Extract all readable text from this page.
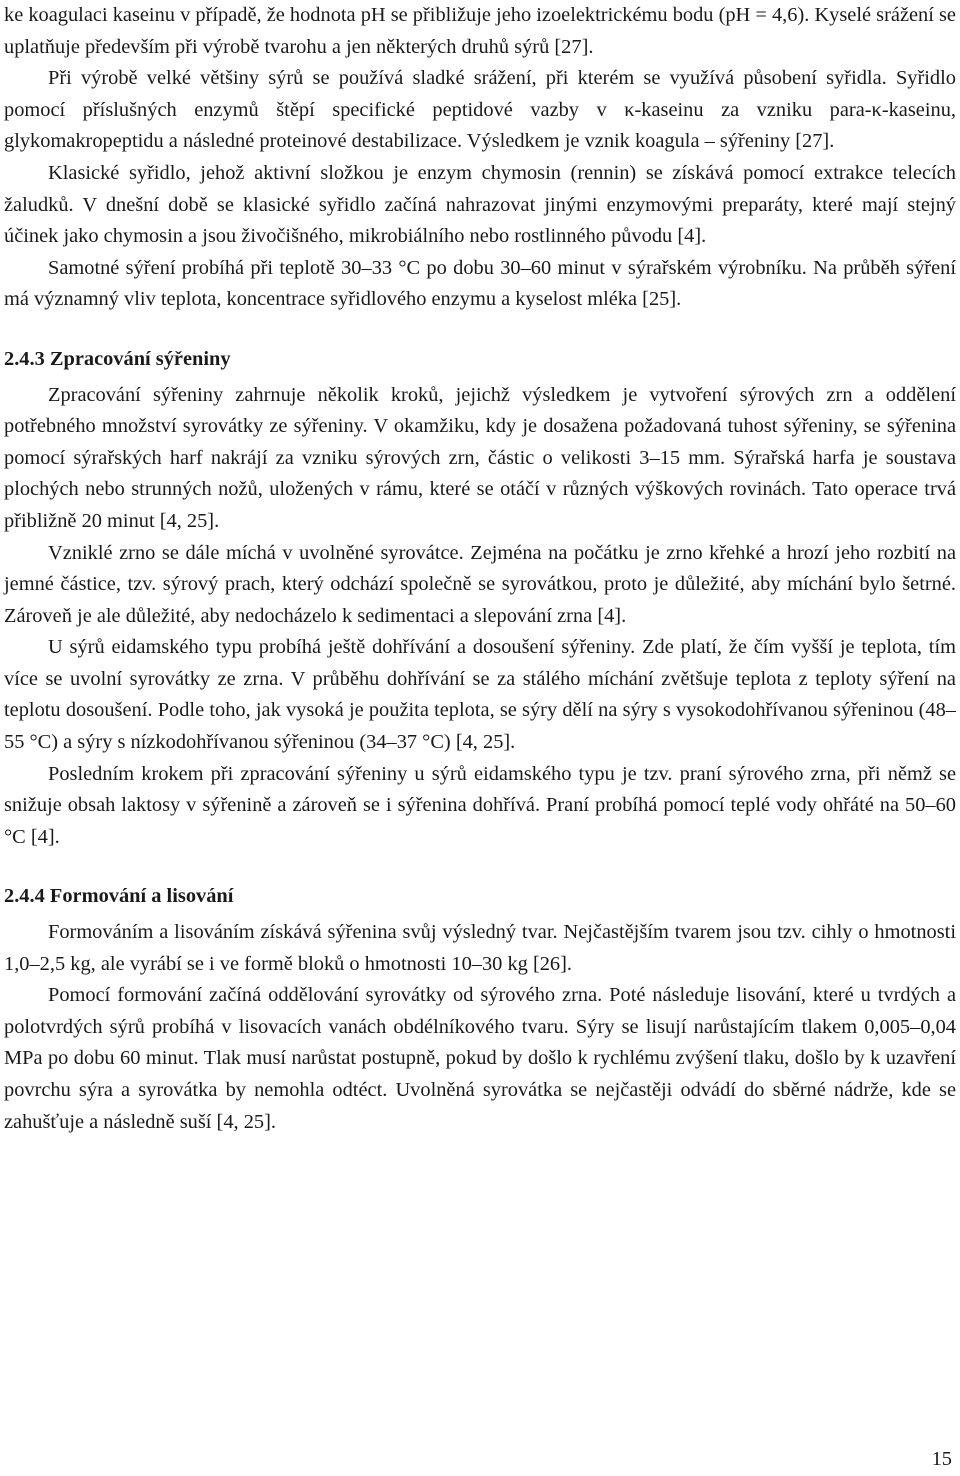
ke koagulaci kaseinu v případě, že hodnota pH se přibližuje jeho izoelektrickému bodu (pH = 4,6). Kyselé srážení se uplatňuje především při výrobě tvarohu a jen některých druhů sýrů [27].

Při výrobě velké většiny sýrů se používá sladké srážení, při kterém se využívá působení syřidla. Syřidlo pomocí příslušných enzymů štěpí specifické peptidové vazby v κ-kaseinu za vzniku para-κ-kaseinu, glykomakropeptidu a následné proteinové destabilizace. Výsledkem je vznik koagula – sýřeniny [27].

Klasické syřidlo, jehož aktivní složkou je enzym chymosin (rennin) se získává pomocí extrakce telecích žaludků. V dnešní době se klasické syřidlo začíná nahrazovat jinými enzymovými preparáty, které mají stejný účinek jako chymosin a jsou živočišného, mikrobiálního nebo rostlinného původu [4].

Samotné sýření probíhá při teplotě 30–33 °C po dobu 30–60 minut v sýrařském výrobníku. Na průběh sýření má významný vliv teplota, koncentrace syřidlového enzymu a kyselost mléka [25].

2.4.3 Zpracování sýřeniny

Zpracování sýřeniny zahrnuje několik kroků, jejichž výsledkem je vytvoření sýrových zrn a oddělení potřebného množství syrovátky ze sýřeniny. V okamžiku, kdy je dosažena požadovaná tuhost sýřeniny, se sýřenina pomocí sýrařských harf nakrájí za vzniku sýrových zrn, částic o velikosti 3–15 mm. Sýrařská harfa je soustava plochých nebo strunných nožů, uložených v rámu, které se otáčí v různých výškových rovinách. Tato operace trvá přibližně 20 minut [4, 25].

Vzniklé zrno se dále míchá v uvolněné syrovátce. Zejména na počátku je zrno křehké a hrozí jeho rozbití na jemné částice, tzv. sýrový prach, který odchází společně se syrovátkou, proto je důležité, aby míchání bylo šetrné. Zároveň je ale důležité, aby nedocházelo k sedimentaci a slepování zrna [4].

U sýrů eidamského typu probíhá ještě dohřívání a dosoušení sýřeniny. Zde platí, že čím vyšší je teplota, tím více se uvolní syrovátky ze zrna. V průběhu dohřívání se za stálého míchání zvětšuje teplota z teploty sýření na teplotu dosoušení. Podle toho, jak vysoká je použita teplota, se sýry dělí na sýry s vysokodohřívanou sýřeninou (48–55 °C) a sýry s nízkodohřívanou sýřeninou (34–37 °C) [4, 25].

Posledním krokem při zpracování sýřeniny u sýrů eidamského typu je tzv. praní sýrového zrna, při němž se snižuje obsah laktosy v sýřenině a zároveň se i sýřenina dohřívá. Praní probíhá pomocí teplé vody ohřáté na 50–60 °C [4].

2.4.4 Formování a lisování

Formováním a lisováním získává sýřenina svůj výsledný tvar. Nejčastějším tvarem jsou tzv. cihly o hmotnosti 1,0–2,5 kg, ale vyrábí se i ve formě bloků o hmotnosti 10–30 kg [26].

Pomocí formování začíná oddělování syrovátky od sýrového zrna. Poté následuje lisování, které u tvrdých a polotvrdých sýrů probíhá v lisovacích vanách obdélníkového tvaru. Sýry se lisují narůstajícím tlakem 0,005–0,04 MPa po dobu 60 minut. Tlak musí narůstat postupně, pokud by došlo k rychlému zvýšení tlaku, došlo by k uzavření povrchu sýra a syrovátka by nemohla odtéct. Uvolněná syrovátka se nejčastěji odvádí do sběrné nádrže, kde se zahušťuje a následně suší [4, 25].

15
